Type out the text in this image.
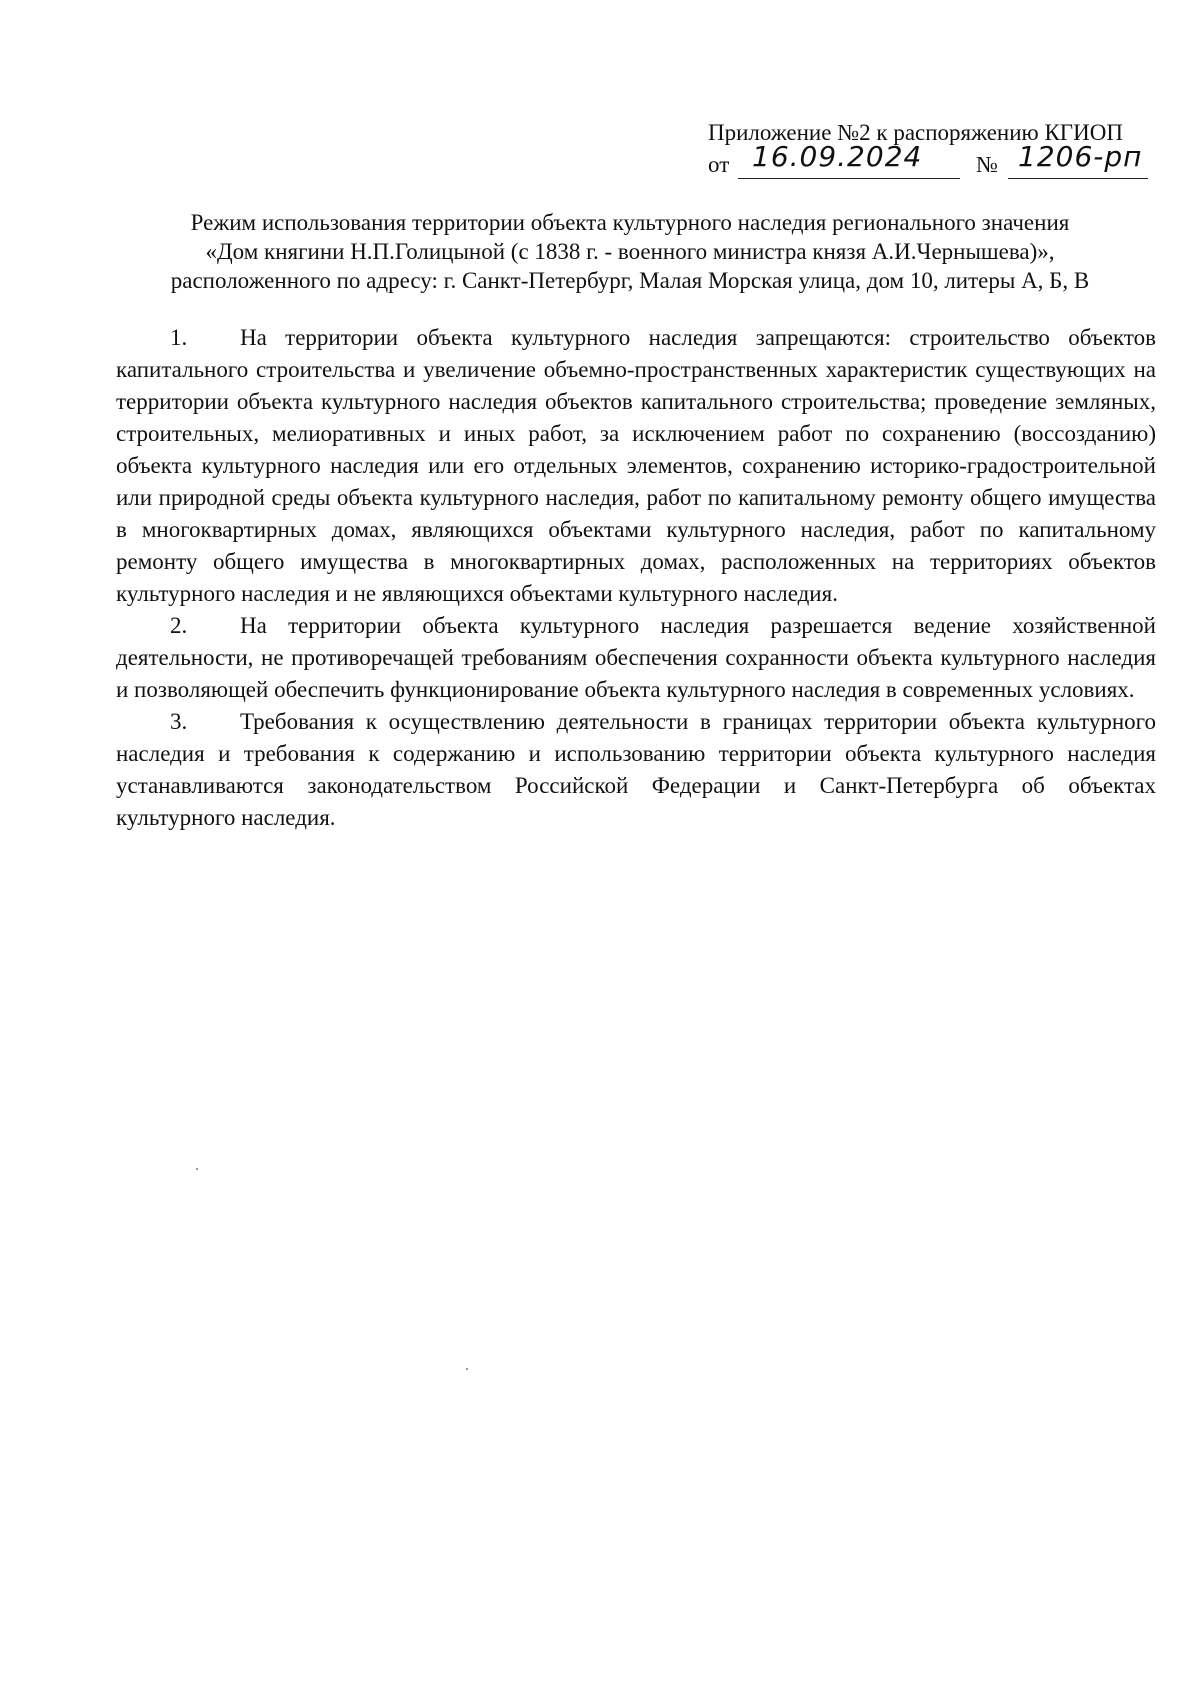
Приложение №2 к распоряжению КГИОП
от 16.09.2024 № 1206-рп
Режим использования территории объекта культурного наследия регионального значения
«Дом княгини Н.П.Голицыной (с 1838 г. - военного министра князя А.И.Чернышева)»,
расположенного по адресу: г. Санкт-Петербург, Малая Морская улица, дом 10, литеры А, Б, В

1. На территории объекта культурного наследия запрещаются: строительство объектов капитального строительства и увеличение объемно-пространственных характеристик существующих на территории объекта культурного наследия объектов капитального строительства; проведение земляных, строительных, мелиоративных и иных работ, за исключением работ по сохранению (воссозданию) объекта культурного наследия или его отдельных элементов, сохранению историко-градостроительной или природной среды объекта культурного наследия, работ по капитальному ремонту общего имущества в многоквартирных домах, являющихся объектами культурного наследия, работ по капитальному ремонту общего имущества в многоквартирных домах, расположенных на территориях объектов культурного наследия и не являющихся объектами культурного наследия.

2. На территории объекта культурного наследия разрешается ведение хозяйственной деятельности, не противоречащей требованиям обеспечения сохранности объекта культурного наследия и позволяющей обеспечить функционирование объекта культурного наследия в современных условиях.

3. Требования к осуществлению деятельности в границах территории объекта культурного наследия и требования к содержанию и использованию территории объекта культурного наследия устанавливаются законодательством Российской Федерации и Санкт-Петербурга об объектах культурного наследия.
